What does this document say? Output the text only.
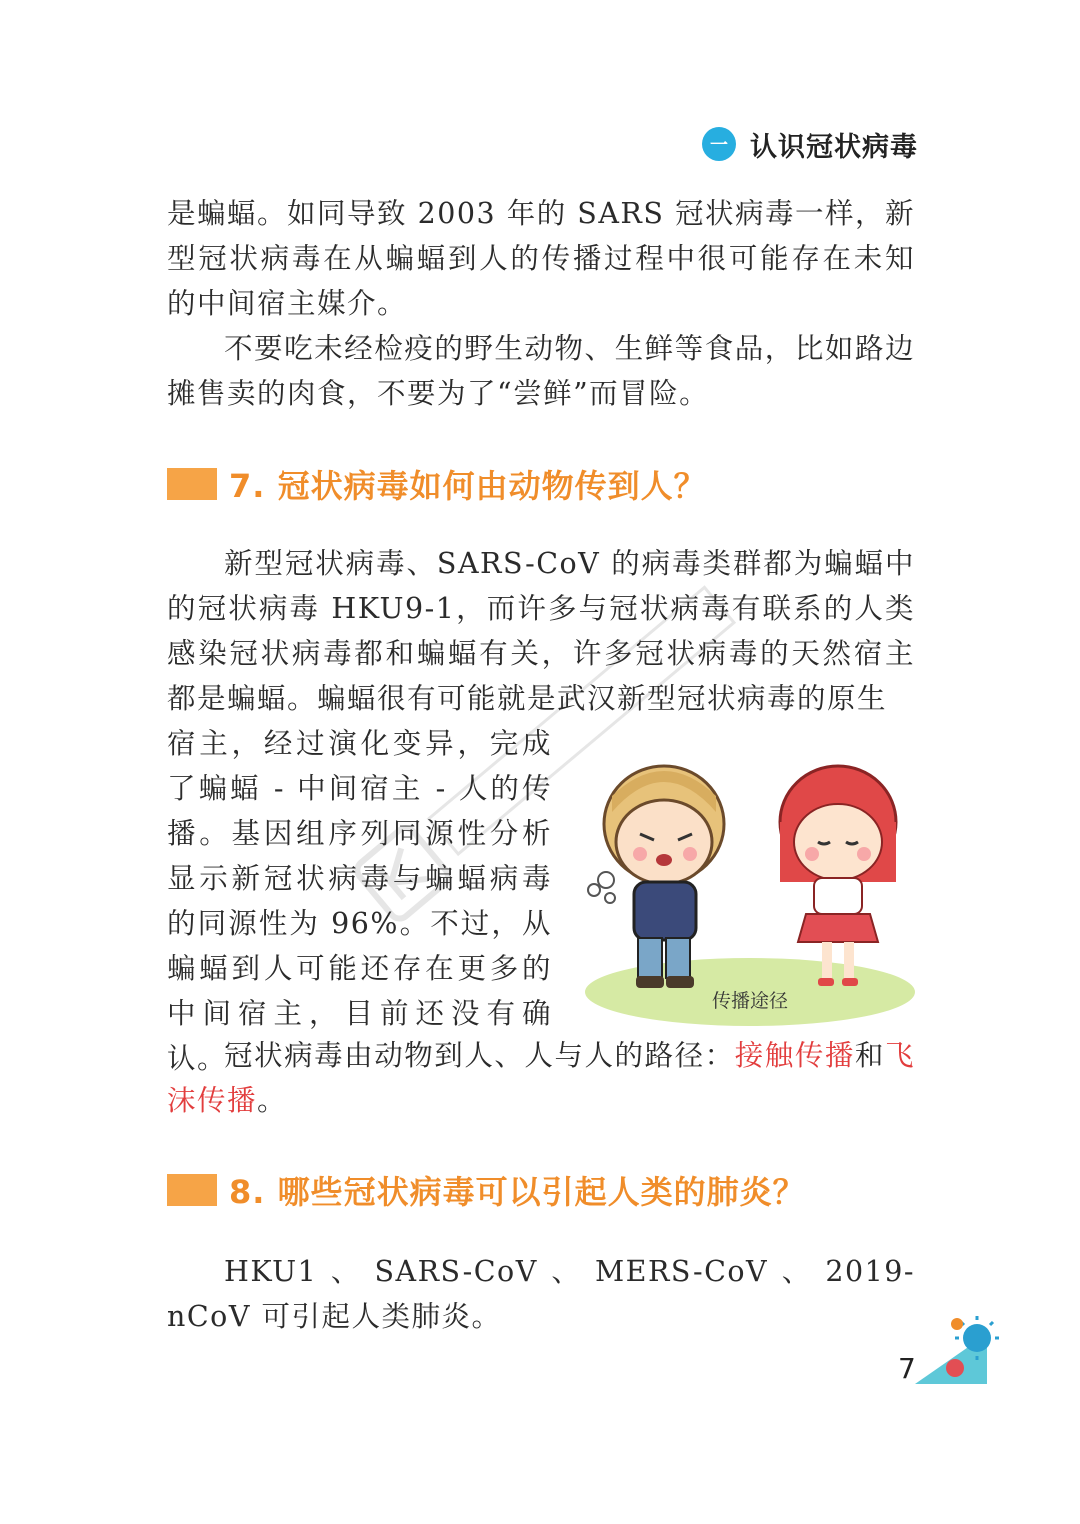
一 认识冠状病毒

是蝙蝠。如同导致 2003 年的 SARS 冠状病毒一样，新型冠状病毒在从蝙蝠到人的传播过程中很可能存在未知的中间宿主媒介。

不要吃未经检疫的野生动物、生鲜等食品，比如路边摊售卖的肉食，不要为了“尝鲜”而冒险。

7. 冠状病毒如何由动物传到人？

新型冠状病毒、SARS-CoV 的病毒类群都为蝙蝠中的冠状病毒 HKU9-1，而许多与冠状病毒有联系的人类感染冠状病毒都和蝙蝠有关，许多冠状病毒的天然宿主都是蝙蝠。蝙蝠很有可能就是武汉新型冠状病毒的原生

宿主，经过演化变异，完成了蝙蝠 - 中间宿主 - 人的传播。基因组序列同源性分析显示新冠状病毒与蝙蝠病毒的同源性为 96%。不过，从蝙蝠到人可能还存在更多的中间宿主，目前还没有确认。

传播途径

冠状病毒由动物到人、人与人的路径：接触传播和飞沫传播。

8. 哪些冠状病毒可以引起人类的肺炎？

HKU1、SARS-CoV、MERS-CoV、2019-nCoV 可引起人类肺炎。

7
